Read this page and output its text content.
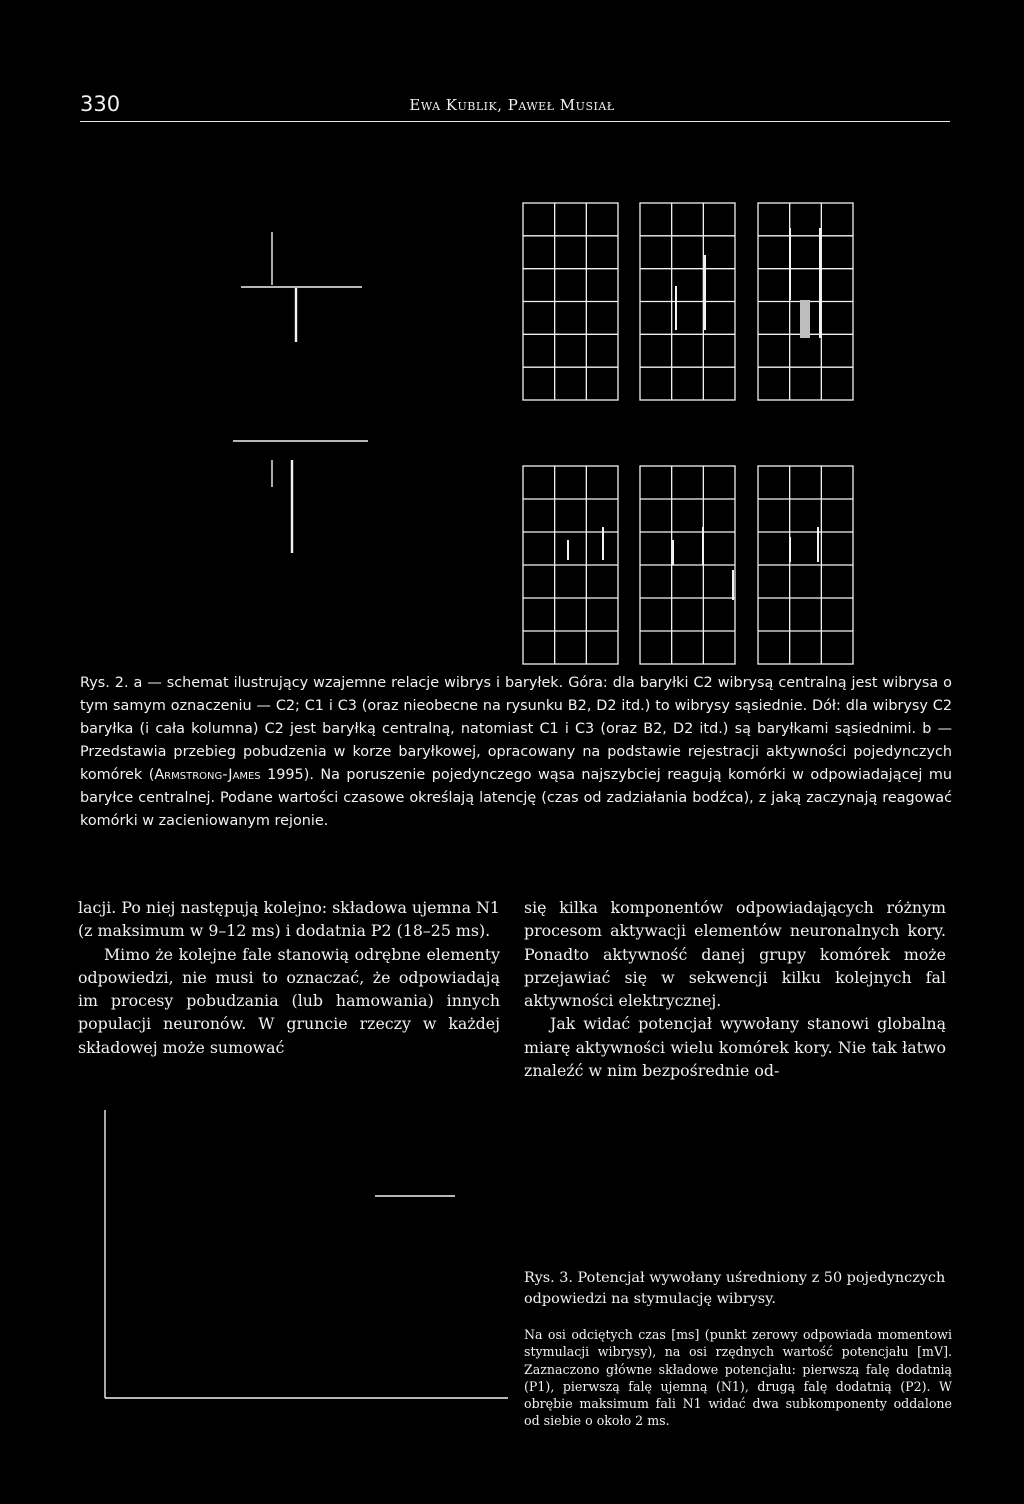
330	Ewa Kublik, Paweł Musiał
Rys. 2. a — schemat ilustrujący wzajemne relacje wibrys i baryłek. Góra: dla baryłki C2 wibrysą centralną jest wibrysa o tym samym oznaczeniu — C2; C1 i C3 (oraz nieobecne na rysunku B2, D2 itd.) to wibrysy sąsiednie. Dół: dla wibrysy C2 baryłka (i cała kolumna) C2 jest baryłką centralną, natomiast C1 i C3 (oraz B2, D2 itd.) są baryłkami sąsiednimi. b — Przedstawia przebieg pobudzenia w korze baryłkowej, opracowany na podstawie rejestracji aktywności pojedynczych komórek (Armstrong-James 1995). Na poruszenie pojedynczego wąsa najszybciej reagują komórki w odpowiadającej mu baryłce centralnej. Podane wartości czasowe określają latencję (czas od zadziałania bodźca), z jaką zaczynają reagować komórki w zacieniowanym rejonie.

lacji. Po niej następują kolejno: składowa ujemna N1 (z maksimum w 9–12 ms) i dodatnia P2 (18–25 ms).

Mimo że kolejne fale stanowią odrębne elementy odpowiedzi, nie musi to oznaczać, że odpowiadają im procesy pobudzania (lub hamowania) innych populacji neuronów. W gruncie rzeczy w każdej składowej może sumować

się kilka komponentów odpowiadających różnym procesom aktywacji elementów neuronalnych kory. Ponadto aktywność danej grupy komórek może przejawiać się w sekwencji kilku kolejnych fal aktywności elektrycznej.

Jak widać potencjał wywołany stanowi globalną miarę aktywności wielu komórek kory. Nie tak łatwo znaleźć w nim bezpośrednie od-

Rys. 3. Potencjał wywołany uśredniony z 50 pojedynczych odpowiedzi na stymulację wibrysy.
Na osi odciętych czas [ms] (punkt zerowy odpowiada momentowi stymulacji wibrysy), na osi rzędnych wartość potencjału [mV]. Zaznaczono główne składowe potencjału: pierwszą falę dodatnią (P1), pierwszą falę ujemną (N1), drugą falę dodatnią (P2). W obrębie maksimum fali N1 widać dwa subkomponenty oddalone od siebie o około 2 ms.
